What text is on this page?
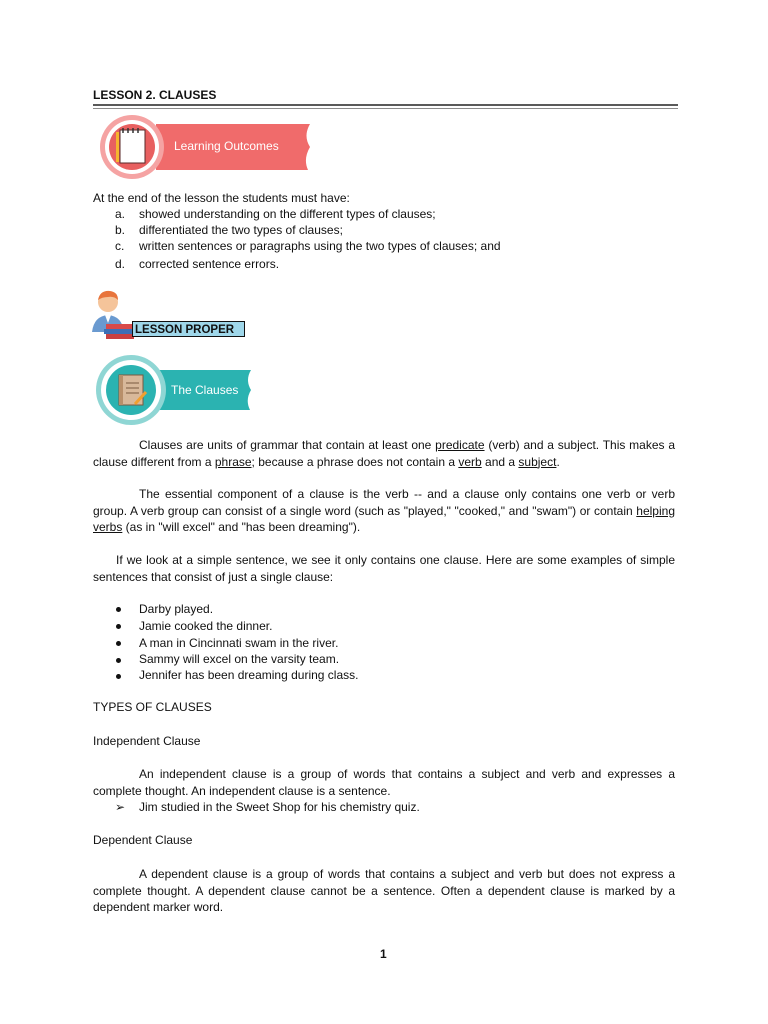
LESSON 2. CLAUSES
Learning Outcomes
At the end of the lesson the students must have:
a. showed understanding on the different types of clauses;
b. differentiated the two types of clauses;
c. written sentences or paragraphs using the two types of clauses; and
d. corrected sentence errors.
LESSON PROPER
The Clauses
Clauses are units of grammar that contain at least one predicate (verb) and a subject. This makes a clause different from a phrase; because a phrase does not contain a verb and a subject.
The essential component of a clause is the verb -- and a clause only contains one verb or verb group. A verb group can consist of a single word (such as "played," "cooked," and "swam") or contain helping verbs (as in "will excel" and "has been dreaming").
If we look at a simple sentence, we see it only contains one clause. Here are some examples of simple sentences that consist of just a single clause:
Darby played.
Jamie cooked the dinner.
A man in Cincinnati swam in the river.
Sammy will excel on the varsity team.
Jennifer has been dreaming during class.
TYPES OF CLAUSES
Independent Clause
An independent clause is a group of words that contains a subject and verb and expresses a complete thought. An independent clause is a sentence.
➢ Jim studied in the Sweet Shop for his chemistry quiz.
Dependent Clause
A dependent clause is a group of words that contains a subject and verb but does not express a complete thought. A dependent clause cannot be a sentence. Often a dependent clause is marked by a dependent marker word.
1
